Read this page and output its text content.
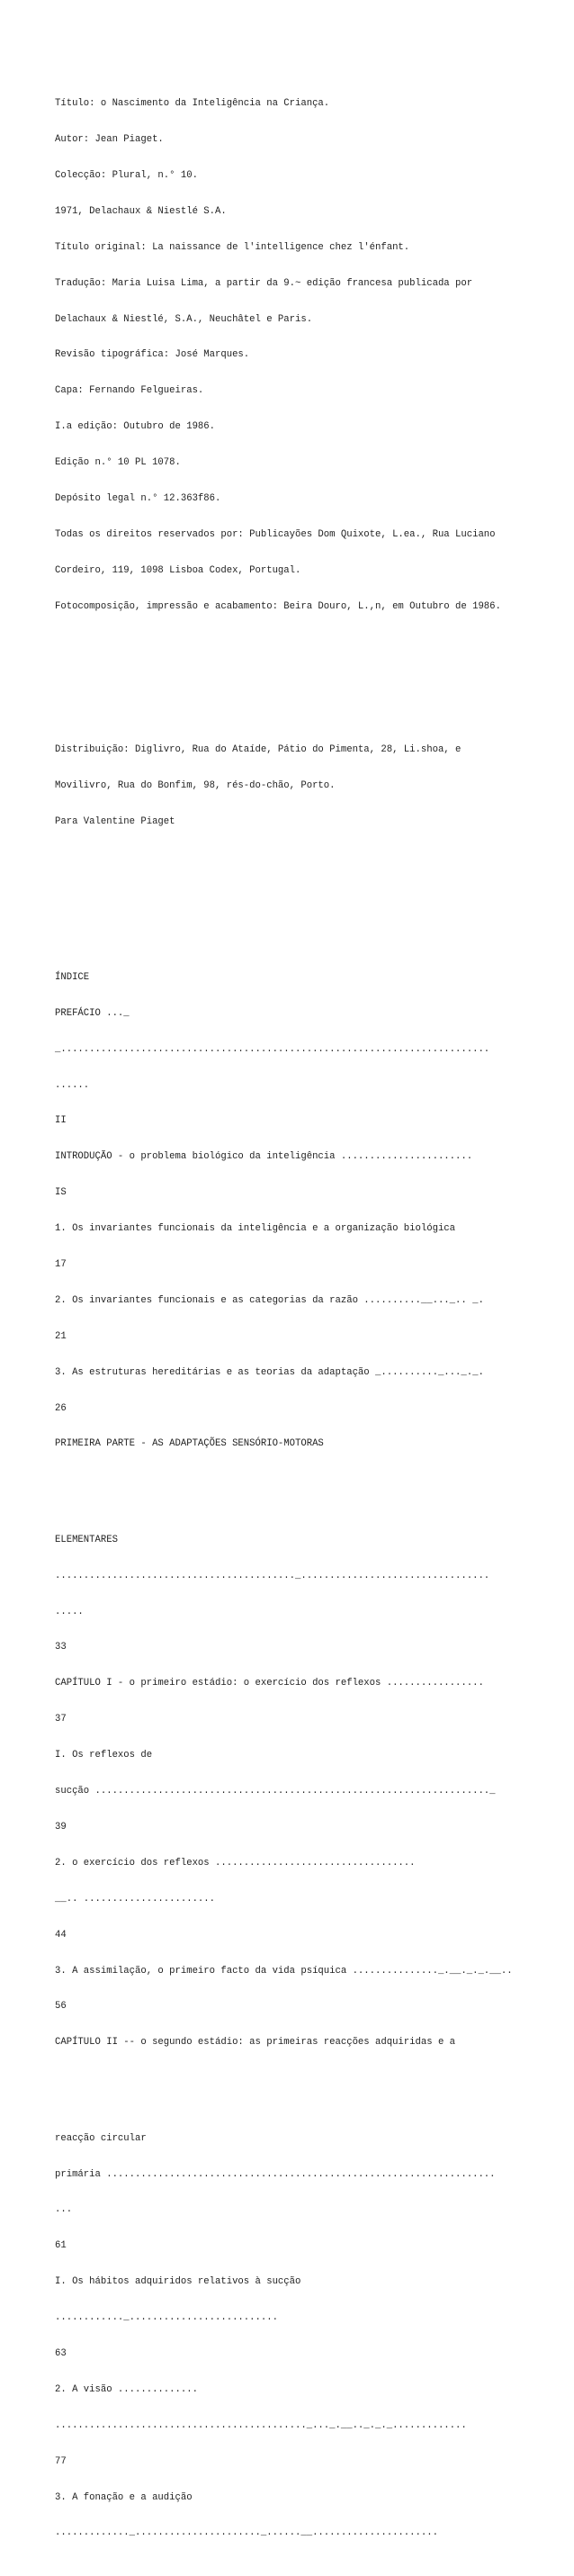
Título: o Nascimento da Inteligência na Criança.

Autor: Jean Piaget.

Colecção: Plural, n.° 10.

1971, Delachaux & Niestlé S.A.

Título original: La naissance de l'intelligence chez l'énfant.

Tradução: Maria Luisa Lima, a partir da 9.~ edição francesa publicada por

Delachaux & Niestlé, S.A., Neuchâtel e Paris.

Revisão tipográfica: José Marques.

Capa: Fernando Felgueiras.

I.a edição: Outubro de 1986.

Edição n.° 10 PL 1078.

Depósito legal n.° 12.363f86.

Todas os direitos reservados por: Publicayões Dom Quixote, L.ea., Rua Luciano

Cordeiro, 119, 1098 Lisboa Codex, Portugal.

Fotocomposição, impressão e acabamento: Beira Douro, L.,n, em Outubro de 1986.

Distribuição: Diglivro, Rua do Ataíde, Pátio do Pimenta, 28, Li.shoa, e

Movilivro, Rua do Bonfim, 98, rés-do-chão, Porto.

Para Valentine Piaget

ÍNDICE

PREFÁCIO ..._

_...........................................................................

......

II

INTRODUÇÃO - o problema biológico da inteligência .......................

IS

1. Os invariantes funcionais da inteligência e a organização biológica

17

2. Os invariantes funcionais e as categorias da razão ..........__..._.. _.

21

3. As estruturas hereditárias e as teorias da adaptação _.........._..._._.

26

PRIMEIRA PARTE - AS ADAPTAÇÕES SENSÓRIO-MOTORAS

ELEMENTARES

.........................................._.................................

.....

33

CAPÍTULO I - o primeiro estádio: o exercício dos reflexos .................

37

I. Os reflexos de

sucção ....................................................................._

39

2. o exercício dos reflexos ...................................

__.. .......................

44

3. A assimilação, o primeiro facto da vida psíquica ..............._.__._._.__..

56

CAPÍTULO II -- o segundo estádio: as primeiras reacções adquiridas e a

reacção circular

primária ....................................................................

...

61

I. Os hábitos adquiridos relativos à sucção

............_..........................

63

2. A visão ..............

............................................_..._.__.._._._.............

77

3. A fonação e a audição

............._......................_......__......................
